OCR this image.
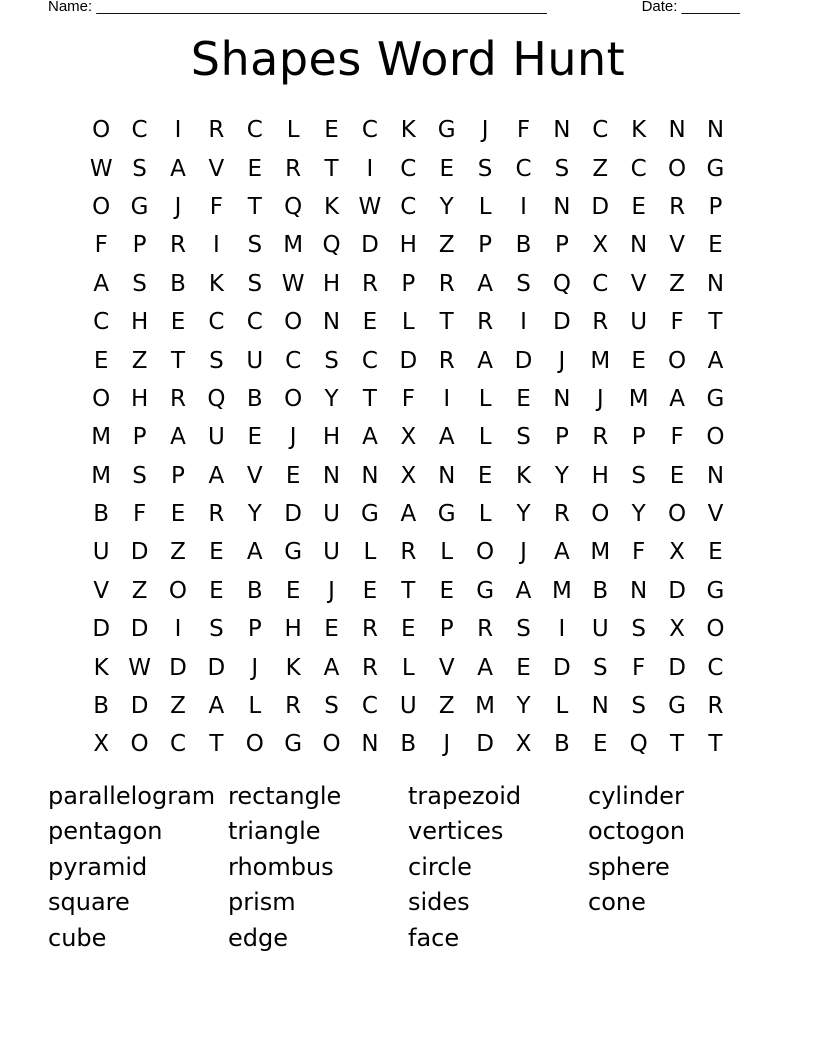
Name: ______________________________________________________	Date: _______
Shapes Word Hunt
O C	I	R C	L	E	C K G	J	F	N C K N N
W S	A V	E	R	T	I	C	E	S	C	S	Z C O G
O G	J	F	T Q K W C	Y	L	I	N D E	R	P
F	P	R	I	S M Q D H Z	P	B	P	X N V	E
A	S	B K	S W H R	P	R A	S Q C V Z N
C H E	C C O N E	L	T	R	I	D R U	F	T
E	Z	T	S U C	S	C D R A D	J	M E O A
O H R Q B O Y	T	F	I	L	E N	J	M A G
M P	A U E	J	H A X A	L	S	P	R	P	F O
M S	P	A V	E N N X N E	K	Y H S	E N
B	F	E	R	Y D U G A G	L	Y	R O Y O V
U D Z	E	A G U	L	R	L O	J	A M F	X	E
V Z O E	B	E	J	E	T	E G A M B N D G
D D	I	S	P H E	R	E	P	R	S	I	U S	X O
K W D D	J	K A R	L	V A	E D S	F D C
B D Z A	L	R	S	C U Z M Y	L	N S G R
X O C	T O G O N B	J	D X B	E Q T	T
parallelogram rectangle	trapezoid	cylinder
pentagon	triangle	vertices	octogon
pyramid	rhombus	circle	sphere
square	prism	sides	cone
cube	edge	face
